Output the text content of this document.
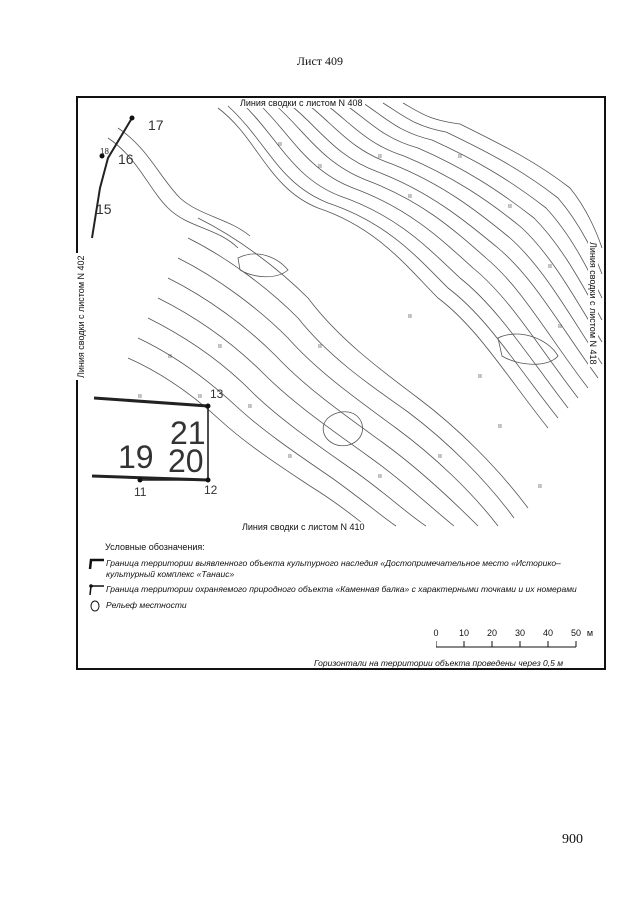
Лист 409
ıı
ıı
ıı
ıı
ıı
ıı
ıı
ıı
ıı	ıı
ıı
ıı
ıı
ıı
ıı
ıı
ıı	ıı
ıı
ıı
ıı
17
18 16
15
13
12
11
19 20
21
Линия сводки с листом N 408
Линия сводки с листом N 410
Линия сводки с листом N 402	Линия сводки с листом N 418
Условные обозначения:
Граница территории выявленного объекта культурного наследия «Достопримечательное место «Историко– культурный комплекс «Танаис»
Граница территории охраняемого природного объекта «Каменная балка» с характерными точками и их номерами
Рельеф местности
0 10 20 30 40 50 м
Горизонтали на территории объекта проведены через 0,5 м
900
